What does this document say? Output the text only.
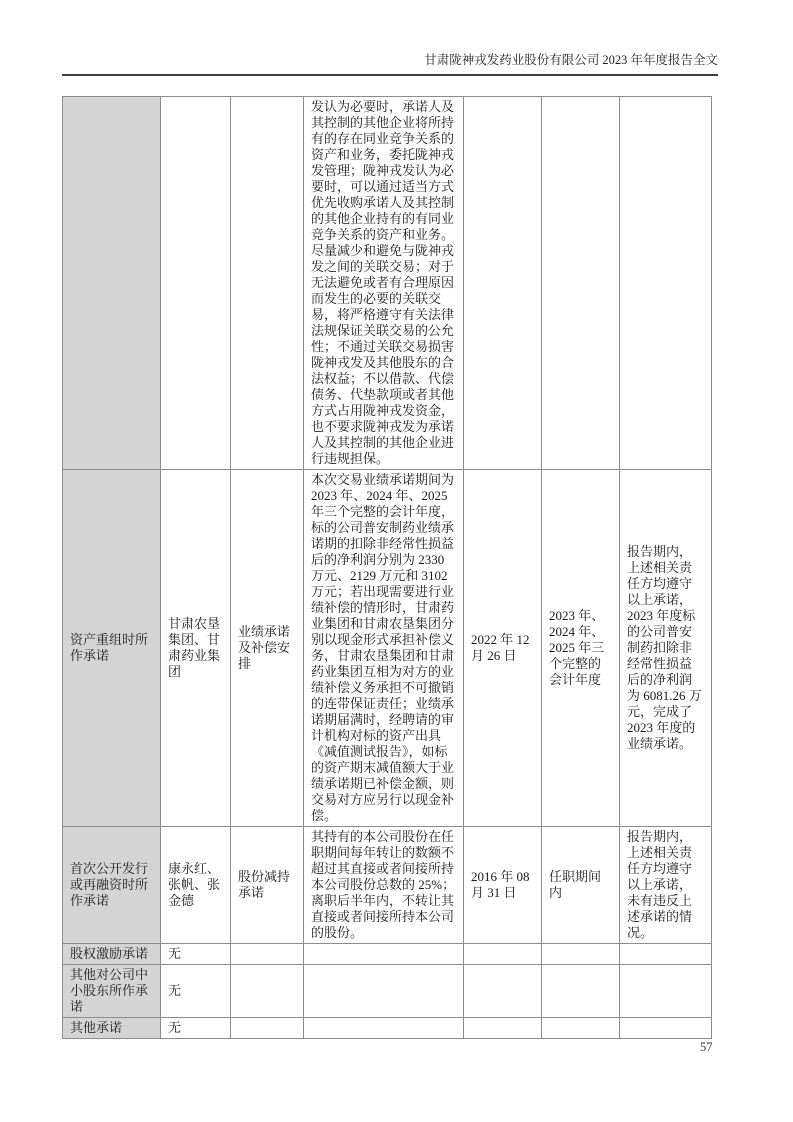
甘肃陇神戎发药业股份有限公司 2023 年年度报告全文
			发认为必要时，承诺人及其控制的其他企业将所持有的存在同业竞争关系的资产和业务，委托陇神戎发管理；陇神戎发认为必要时，可以通过适当方式优先收购承诺人及其控制的其他企业持有的有同业竞争关系的资产和业务。尽量减少和避免与陇神戎发之间的关联交易；对于无法避免或者有合理原因而发生的必要的关联交易，将严格遵守有关法律法规保证关联交易的公允性；不通过关联交易损害陇神戎发及其他股东的合法权益；不以借款、代偿债务、代垫款项或者其他方式占用陇神戎发资金，也不要求陇神戎发为承诺人及其控制的其他企业进行违规担保。			
资产重组时所作承诺	甘肃农垦集团、甘肃药业集团	业绩承诺及补偿安排	本次交易业绩承诺期间为 2023 年、2024 年、2025 年三个完整的会计年度，标的公司普安制药业绩承诺期的扣除非经常性损益后的净利润分别为 2330 万元、2129 万元和 3102 万元；若出现需要进行业绩补偿的情形时，甘肃药业集团和甘肃农垦集团分别以现金形式承担补偿义务，甘肃农垦集团和甘肃药业集团互相为对方的业绩补偿义务承担不可撤销的连带保证责任；业绩承诺期届满时，经聘请的审计机构对标的资产出具《减值测试报告》，如标的资产期末减值额大于业绩承诺期已补偿金额，则交易对方应另行以现金补偿。	2022 年 12 月 26 日	2023 年、2024 年、2025 年三个完整的会计年度	报告期内，上述相关责任方均遵守以上承诺，2023 年度标的公司普安制药扣除非经常性损益后的净利润为 6081.26 万元，完成了 2023 年度的业绩承诺。
首次公开发行或再融资时所作承诺	康永红、张帆、张金德	股份减持承诺	其持有的本公司股份在任职期间每年转让的数额不超过其直接或者间接所持本公司股份总数的 25%；离职后半年内，不转让其直接或者间接所持本公司的股份。	2016 年 08 月 31 日	任职期间内	报告期内，上述相关责任方均遵守以上承诺，未有违反上述承诺的情况。
股权激励承诺	无					
其他对公司中小股东所作承诺	无					
其他承诺	无					
57
